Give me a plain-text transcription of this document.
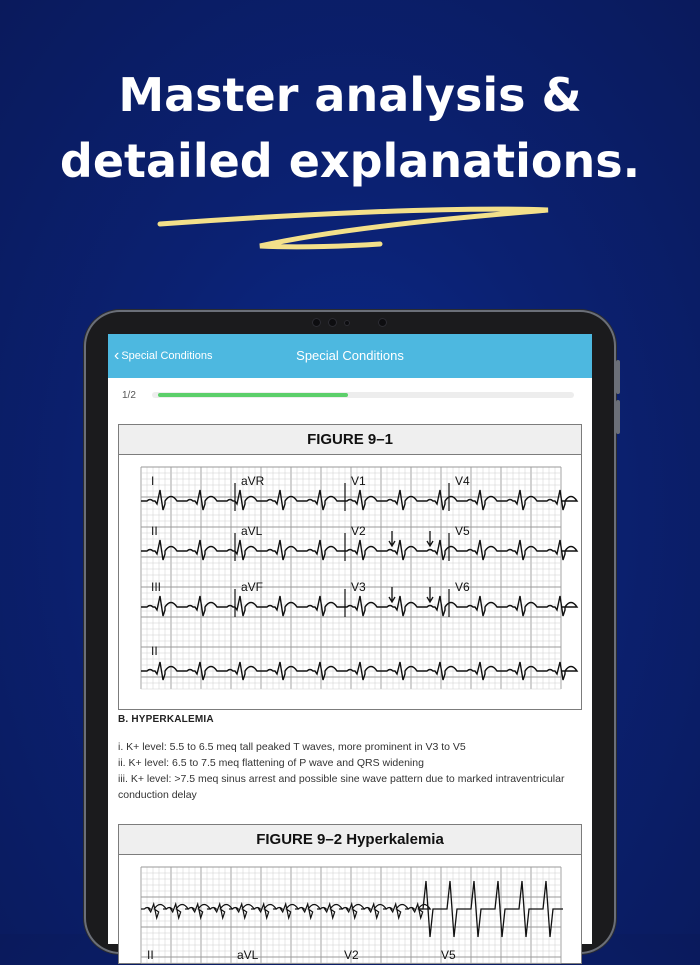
Master analysis &
detailed explanations.
‹ Special Conditions	Special Conditions
1/2
FIGURE 9–1
I	aVR	V1	V4
II	aVL	V2	V5
III	aVF	V3	V6
II
B. HYPERKALEMIA
i. K+ level: 5.5 to 6.5 meq tall peaked T waves, more prominent in V3 to V5
ii. K+ level: 6.5 to 7.5 meq flattening of P wave and QRS widening
iii. K+ level: >7.5 meq sinus arrest and possible sine wave pattern due to marked intraventricular conduction delay
FIGURE 9–2 Hyperkalemia
II	aVL	V2	V5
